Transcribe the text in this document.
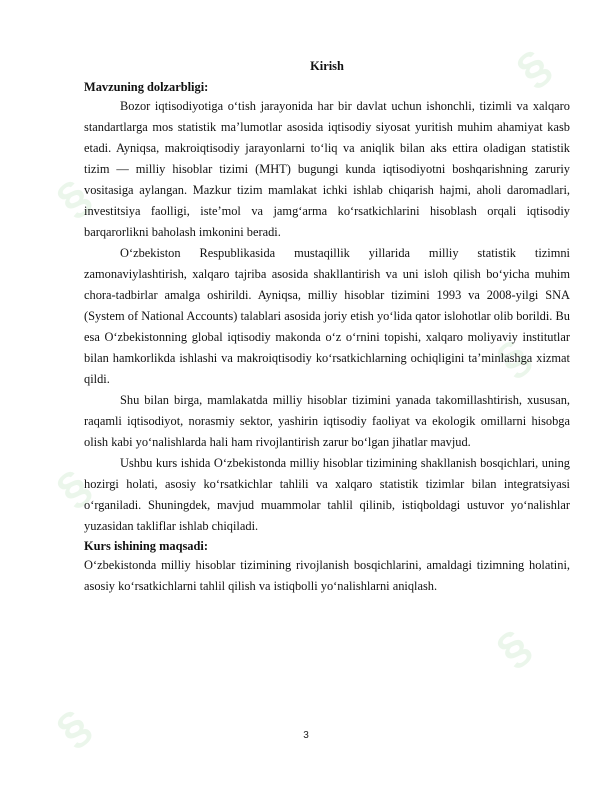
§
§
§
§
§
§
Kirish
Mavzuning dolzarbligi:

Bozor iqtisodiyotiga o‘tish jarayonida har bir davlat uchun ishonchli, tizimli va xalqaro standartlarga mos statistik ma’lumotlar asosida iqtisodiy siyosat yuritish muhim ahamiyat kasb etadi. Ayniqsa, makroiqtisodiy jarayonlarni to‘liq va aniqlik bilan aks ettira oladigan statistik tizim — milliy hisoblar tizimi (MHT) bugungi kunda iqtisodiyotni boshqarishning zaruriy vositasiga aylangan. Mazkur tizim mamlakat ichki ishlab chiqarish hajmi, aholi daromadlari, investitsiya faolligi, iste’mol va jamg‘arma ko‘rsatkichlarini hisoblash orqali iqtisodiy barqarorlikni baholash imkonini beradi.

O‘zbekiston Respublikasida mustaqillik yillarida milliy statistik tizimni zamonaviylashtirish, xalqaro tajriba asosida shakllantirish va uni isloh qilish bo‘yicha muhim chora-tadbirlar amalga oshirildi. Ayniqsa, milliy hisoblar tizimini 1993 va 2008-yilgi SNA (System of National Accounts) talablari asosida joriy etish yo‘lida qator islohotlar olib borildi. Bu esa O‘zbekistonning global iqtisodiy makonda o‘z o‘rnini topishi, xalqaro moliyaviy institutlar bilan hamkorlikda ishlashi va makroiqtisodiy ko‘rsatkichlarning ochiqligini ta’minlashga xizmat qildi.

Shu bilan birga, mamlakatda milliy hisoblar tizimini yanada takomillashtirish, xususan, raqamli iqtisodiyot, norasmiy sektor, yashirin iqtisodiy faoliyat va ekologik omillarni hisobga olish kabi yo‘nalishlarda hali ham rivojlantirish zarur bo‘lgan jihatlar mavjud.

Ushbu kurs ishida O‘zbekistonda milliy hisoblar tizimining shakllanish bosqichlari, uning hozirgi holati, asosiy ko‘rsatkichlar tahlili va xalqaro statistik tizimlar bilan integratsiyasi o‘rganiladi. Shuningdek, mavjud muammolar tahlil qilinib, istiqboldagi ustuvor yo‘nalishlar yuzasidan takliflar ishlab chiqiladi.

Kurs ishining maqsadi:

O‘zbekistonda milliy hisoblar tizimining rivojlanish bosqichlarini, amaldagi tizimning holatini, asosiy ko‘rsatkichlarni tahlil qilish va istiqbolli yo‘nalishlarni aniqlash.

3
